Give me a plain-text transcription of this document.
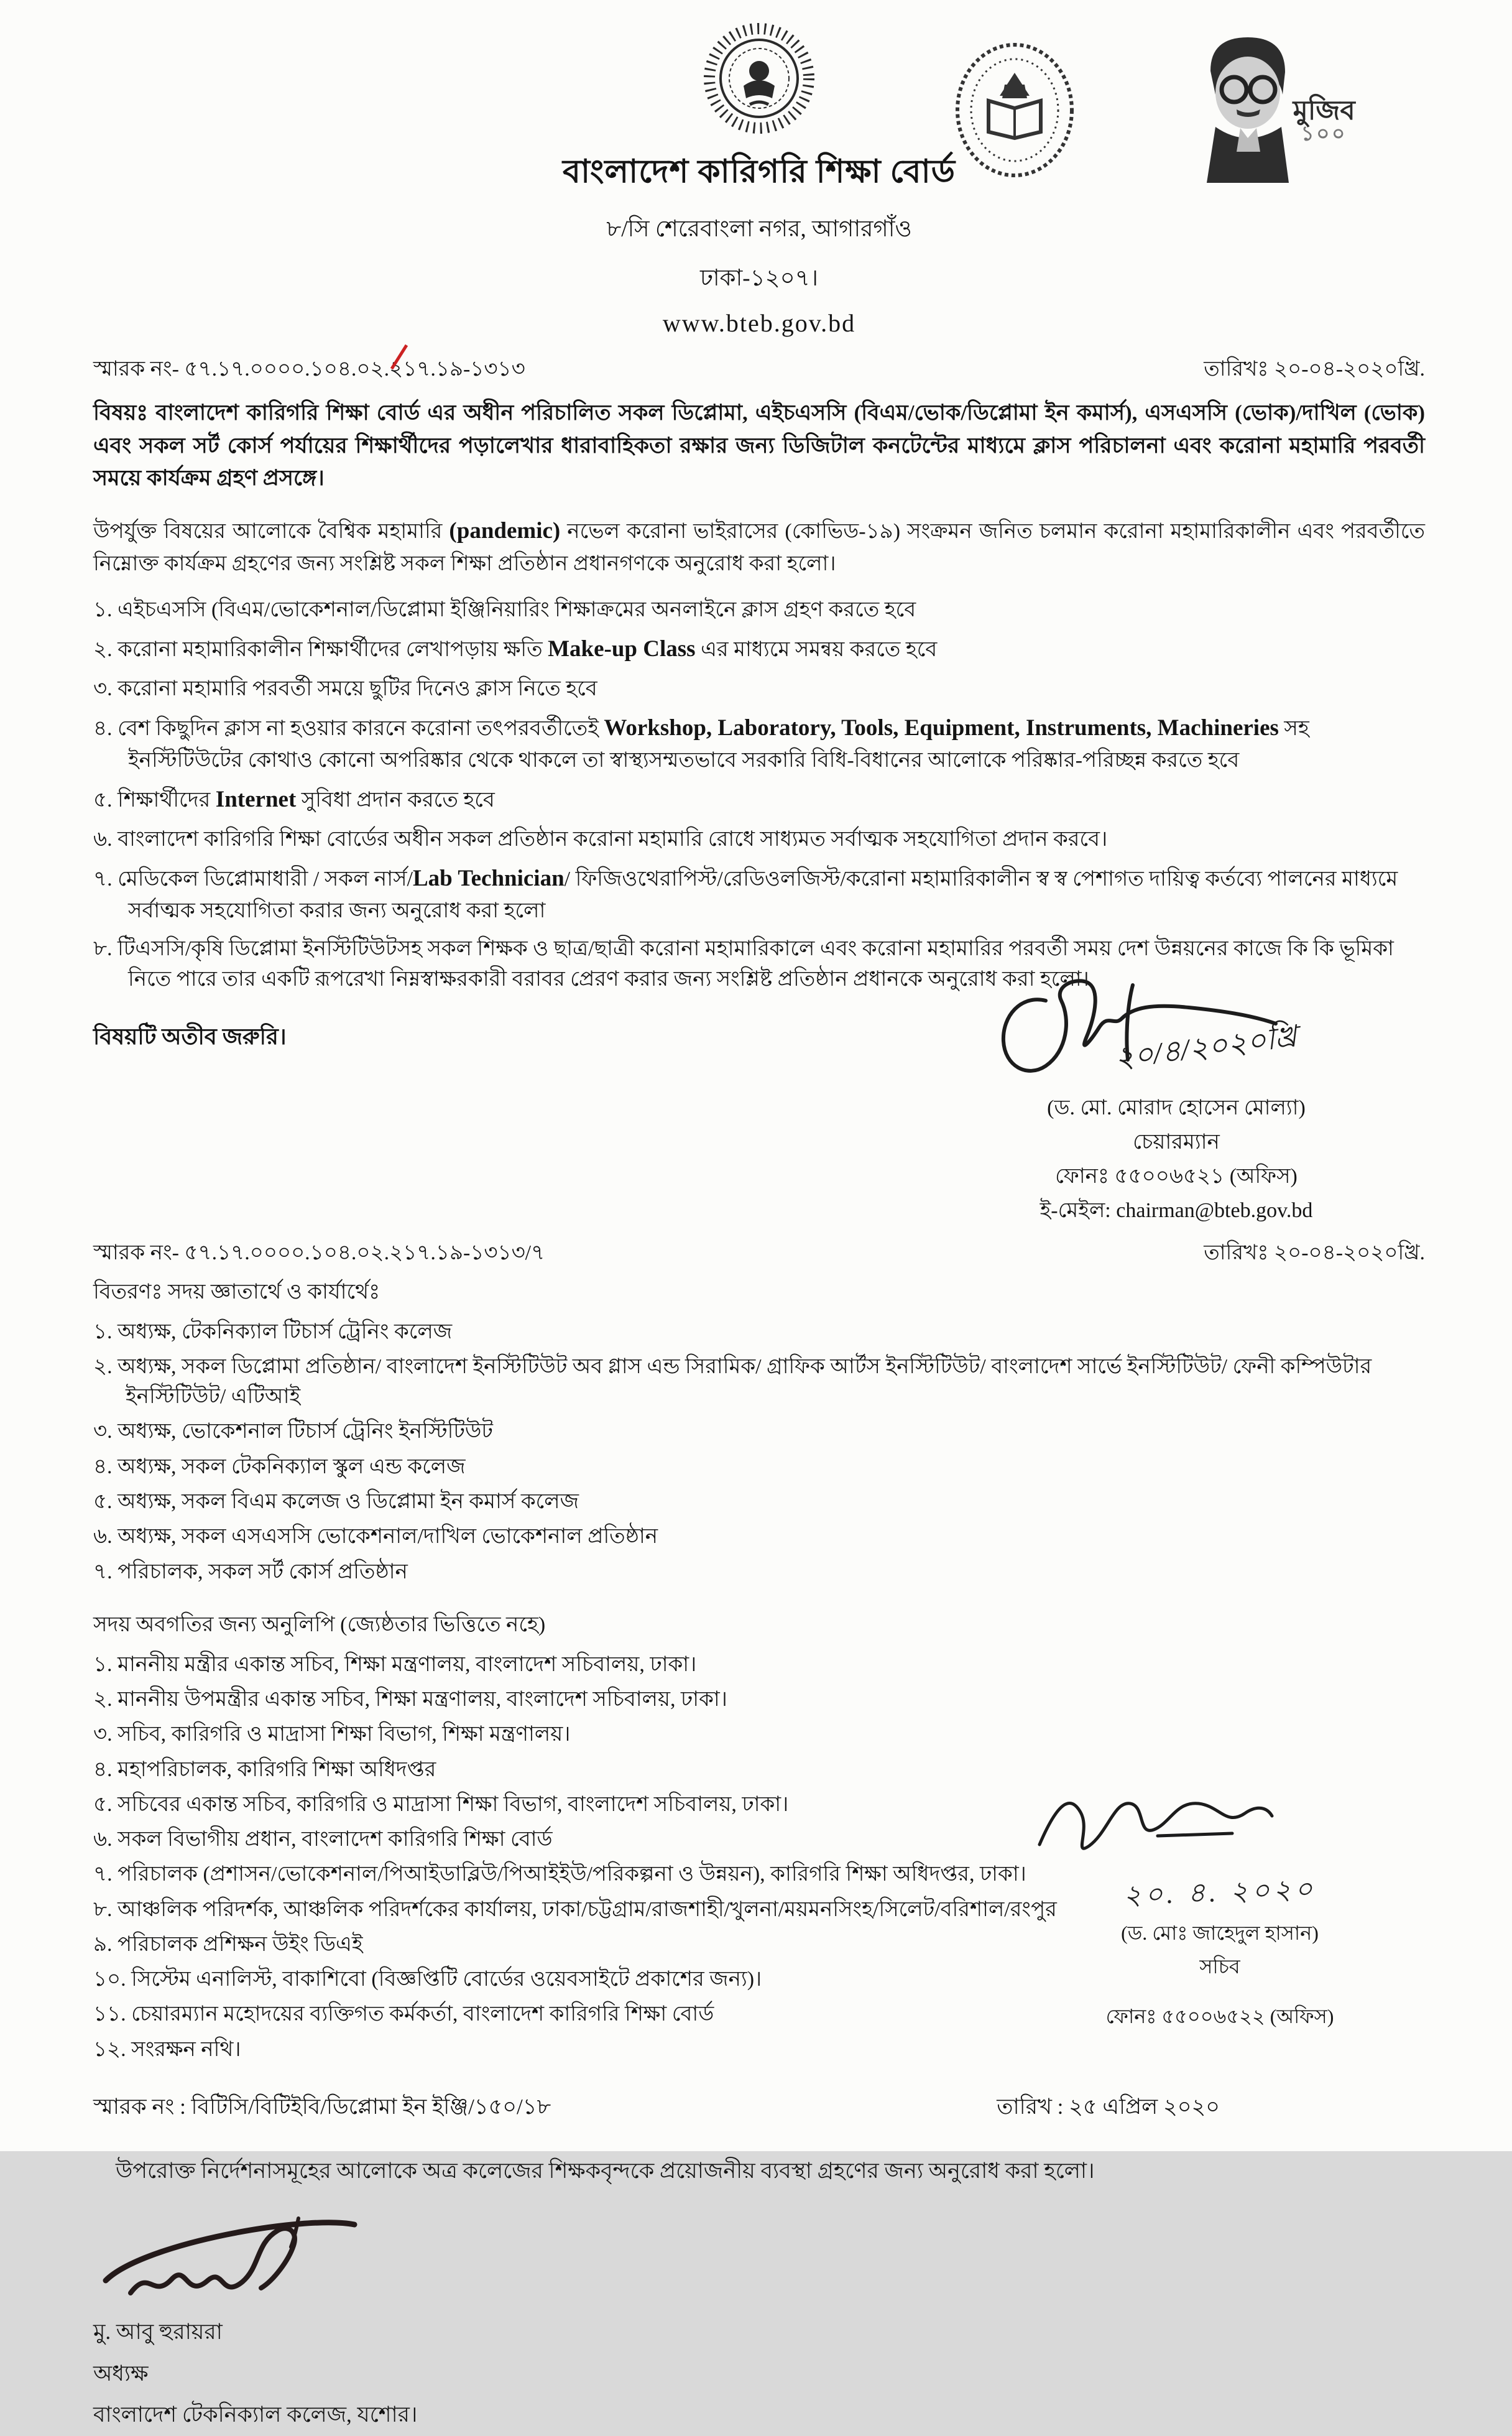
বাংলাদেশ কারিগরি শিক্ষা বোর্ড
৮/সি শেরেবাংলা নগর, আগারগাঁও
ঢাকা-১২০৭।
www.bteb.gov.bd
মুজিব
১০০
স্মারক নং- ৫৭.১৭.০০০০.১০৪.০২.২১৭.১৯-১৩১৩	তারিখঃ ২০-০৪-২০২০খ্রি.
বিষয়ঃ বাংলাদেশ কারিগরি শিক্ষা বোর্ড এর অধীন পরিচালিত সকল ডিপ্লোমা, এইচএসসি (বিএম/ভোক/ডিপ্লোমা ইন কমার্স), এসএসসি (ভোক)/দাখিল (ভোক) এবং সকল সর্ট কোর্স পর্যায়ের শিক্ষার্থীদের পড়ালেখার ধারাবাহিকতা রক্ষার জন্য ডিজিটাল কনটেন্টের মাধ্যমে ক্লাস পরিচালনা এবং করোনা মহামারি পরবর্তী সময়ে কার্যক্রম গ্রহণ প্রসঙ্গে।
উপর্যুক্ত বিষয়ের আলোকে বৈশ্বিক মহামারি (pandemic) নভেল করোনা ভাইরাসের (কোভিড-১৯) সংক্রমন জনিত চলমান করোনা মহামারিকালীন এবং পরবর্তীতে নিম্নোক্ত কার্যক্রম গ্রহণের জন্য সংশ্লিষ্ট সকল শিক্ষা প্রতিষ্ঠান প্রধানগণকে অনুরোধ করা হলো।
১. এইচএসসি (বিএম/ভোকেশনাল/ডিপ্লোমা ইঞ্জিনিয়ারিং শিক্ষাক্রমের অনলাইনে ক্লাস গ্রহণ করতে হবে
২. করোনা মহামারিকালীন শিক্ষার্থীদের লেখাপড়ায় ক্ষতি Make-up Class এর মাধ্যমে সমন্বয় করতে হবে
৩. করোনা মহামারি পরবর্তী সময়ে ছুটির দিনেও ক্লাস নিতে হবে
৪. বেশ কিছুদিন ক্লাস না হওয়ার কারনে করোনা তৎপরবর্তীতেই Workshop, Laboratory, Tools, Equipment, Instruments, Machineries সহ ইনস্টিটিউটের কোথাও কোনো অপরিষ্কার থেকে থাকলে তা স্বাস্থ্যসম্মতভাবে সরকারি বিধি-বিধানের আলোকে পরিষ্কার-পরিচ্ছন্ন করতে হবে
৫. শিক্ষার্থীদের Internet সুবিধা প্রদান করতে হবে
৬. বাংলাদেশ কারিগরি শিক্ষা বোর্ডের অধীন সকল প্রতিষ্ঠান করোনা মহামারি রোধে সাধ্যমত সর্বাত্মক সহযোগিতা প্রদান করবে।
৭. মেডিকেল ডিপ্লোমাধারী / সকল নার্স/Lab Technician/ ফিজিওথেরাপিস্ট/রেডিওলজিস্ট/করোনা মহামারিকালীন স্ব স্ব পেশাগত দায়িত্ব কর্তব্যে পালনের মাধ্যমে সর্বাত্মক সহযোগিতা করার জন্য অনুরোধ করা হলো
৮. টিএসসি/কৃষি ডিপ্লোমা ইনস্টিটিউটসহ সকল শিক্ষক ও ছাত্র/ছাত্রী করোনা মহামারিকালে এবং করোনা মহামারির পরবর্তী সময় দেশ উন্নয়নের কাজে কি কি ভূমিকা নিতে পারে তার একটি রূপরেখা নিম্নস্বাক্ষরকারী বরাবর প্রেরণ করার জন্য সংশ্লিষ্ট প্রতিষ্ঠান প্রধানকে অনুরোধ করা হলো।
বিষয়টি অতীব জরুরি।	২০/৪/২০২০খ্রি
(ড. মো. মোরাদ হোসেন মোল্যা)
চেয়ারম্যান
ফোনঃ ৫৫০০৬৫২১ (অফিস)
ই-মেইল: chairman@bteb.gov.bd
স্মারক নং- ৫৭.১৭.০০০০.১০৪.০২.২১৭.১৯-১৩১৩/৭	তারিখঃ ২০-০৪-২০২০খ্রি.
বিতরণঃ সদয় জ্ঞাতার্থে ও কার্যার্থেঃ
১. অধ্যক্ষ, টেকনিক্যাল টিচার্স ট্রেনিং কলেজ
২. অধ্যক্ষ, সকল ডিপ্লোমা প্রতিষ্ঠান/ বাংলাদেশ ইনস্টিটিউট অব গ্লাস এন্ড সিরামিক/ গ্রাফিক আর্টস ইনস্টিটিউট/ বাংলাদেশ সার্ভে ইনস্টিটিউট/ ফেনী কম্পিউটার ইনস্টিটিউট/ এটিআই
৩. অধ্যক্ষ, ভোকেশনাল টিচার্স ট্রেনিং ইনস্টিটিউট
৪. অধ্যক্ষ, সকল টেকনিক্যাল স্কুল এন্ড কলেজ
৫. অধ্যক্ষ, সকল বিএম কলেজ ও ডিপ্লোমা ইন কমার্স কলেজ
৬. অধ্যক্ষ, সকল এসএসসি ভোকেশনাল/দাখিল ভোকেশনাল প্রতিষ্ঠান
৭. পরিচালক, সকল সর্ট কোর্স প্রতিষ্ঠান
সদয় অবগতির জন্য অনুলিপি (জ্যেষ্ঠতার ভিত্তিতে নহে)
১. মাননীয় মন্ত্রীর একান্ত সচিব, শিক্ষা মন্ত্রণালয়, বাংলাদেশ সচিবালয়, ঢাকা।
২. মাননীয় উপমন্ত্রীর একান্ত সচিব, শিক্ষা মন্ত্রণালয়, বাংলাদেশ সচিবালয়, ঢাকা।
৩. সচিব, কারিগরি ও মাদ্রাসা শিক্ষা বিভাগ, শিক্ষা মন্ত্রণালয়।
৪. মহাপরিচালক, কারিগরি শিক্ষা অধিদপ্তর
৫. সচিবের একান্ত সচিব, কারিগরি ও মাদ্রাসা শিক্ষা বিভাগ, বাংলাদেশ সচিবালয়, ঢাকা।
৬. সকল বিভাগীয় প্রধান, বাংলাদেশ কারিগরি শিক্ষা বোর্ড
৭. পরিচালক (প্রশাসন/ভোকেশনাল/পিআইডাব্লিউ/পিআইইউ/পরিকল্পনা ও উন্নয়ন), কারিগরি শিক্ষা অধিদপ্তর, ঢাকা।
৮. আঞ্চলিক পরিদর্শক, আঞ্চলিক পরিদর্শকের কার্যালয়, ঢাকা/চট্টগ্রাম/রাজশাহী/খুলনা/ময়মনসিংহ/সিলেট/বরিশাল/রংপুর
৯. পরিচালক প্রশিক্ষন উইং ডিএই
১০. সিস্টেম এনালিস্ট, বাকাশিবো (বিজ্ঞপ্তিটি বোর্ডের ওয়েবসাইটে প্রকাশের জন্য)।
১১. চেয়ারম্যান মহোদয়ের ব্যক্তিগত কর্মকর্তা, বাংলাদেশ কারিগরি শিক্ষা বোর্ড
১২. সংরক্ষন নথি।
২০. ৪. ২০২০
(ড. মোঃ জাহেদুল হাসান)
সচিব
ফোনঃ ৫৫০০৬৫২২ (অফিস)
স্মারক নং : বিটিসি/বিটিইবি/ডিপ্লোমা ইন ইঞ্জি/১৫০/১৮	তারিখ : ২৫ এপ্রিল ২০২০
উপরোক্ত নির্দেশনাসমূহের আলোকে অত্র কলেজের শিক্ষকবৃন্দকে প্রয়োজনীয় ব্যবস্থা গ্রহণের জন্য অনুরোধ করা হলো।
মু. আবু হুরায়রা
অধ্যক্ষ
বাংলাদেশ টেকনিক্যাল কলেজ, যশোর।
